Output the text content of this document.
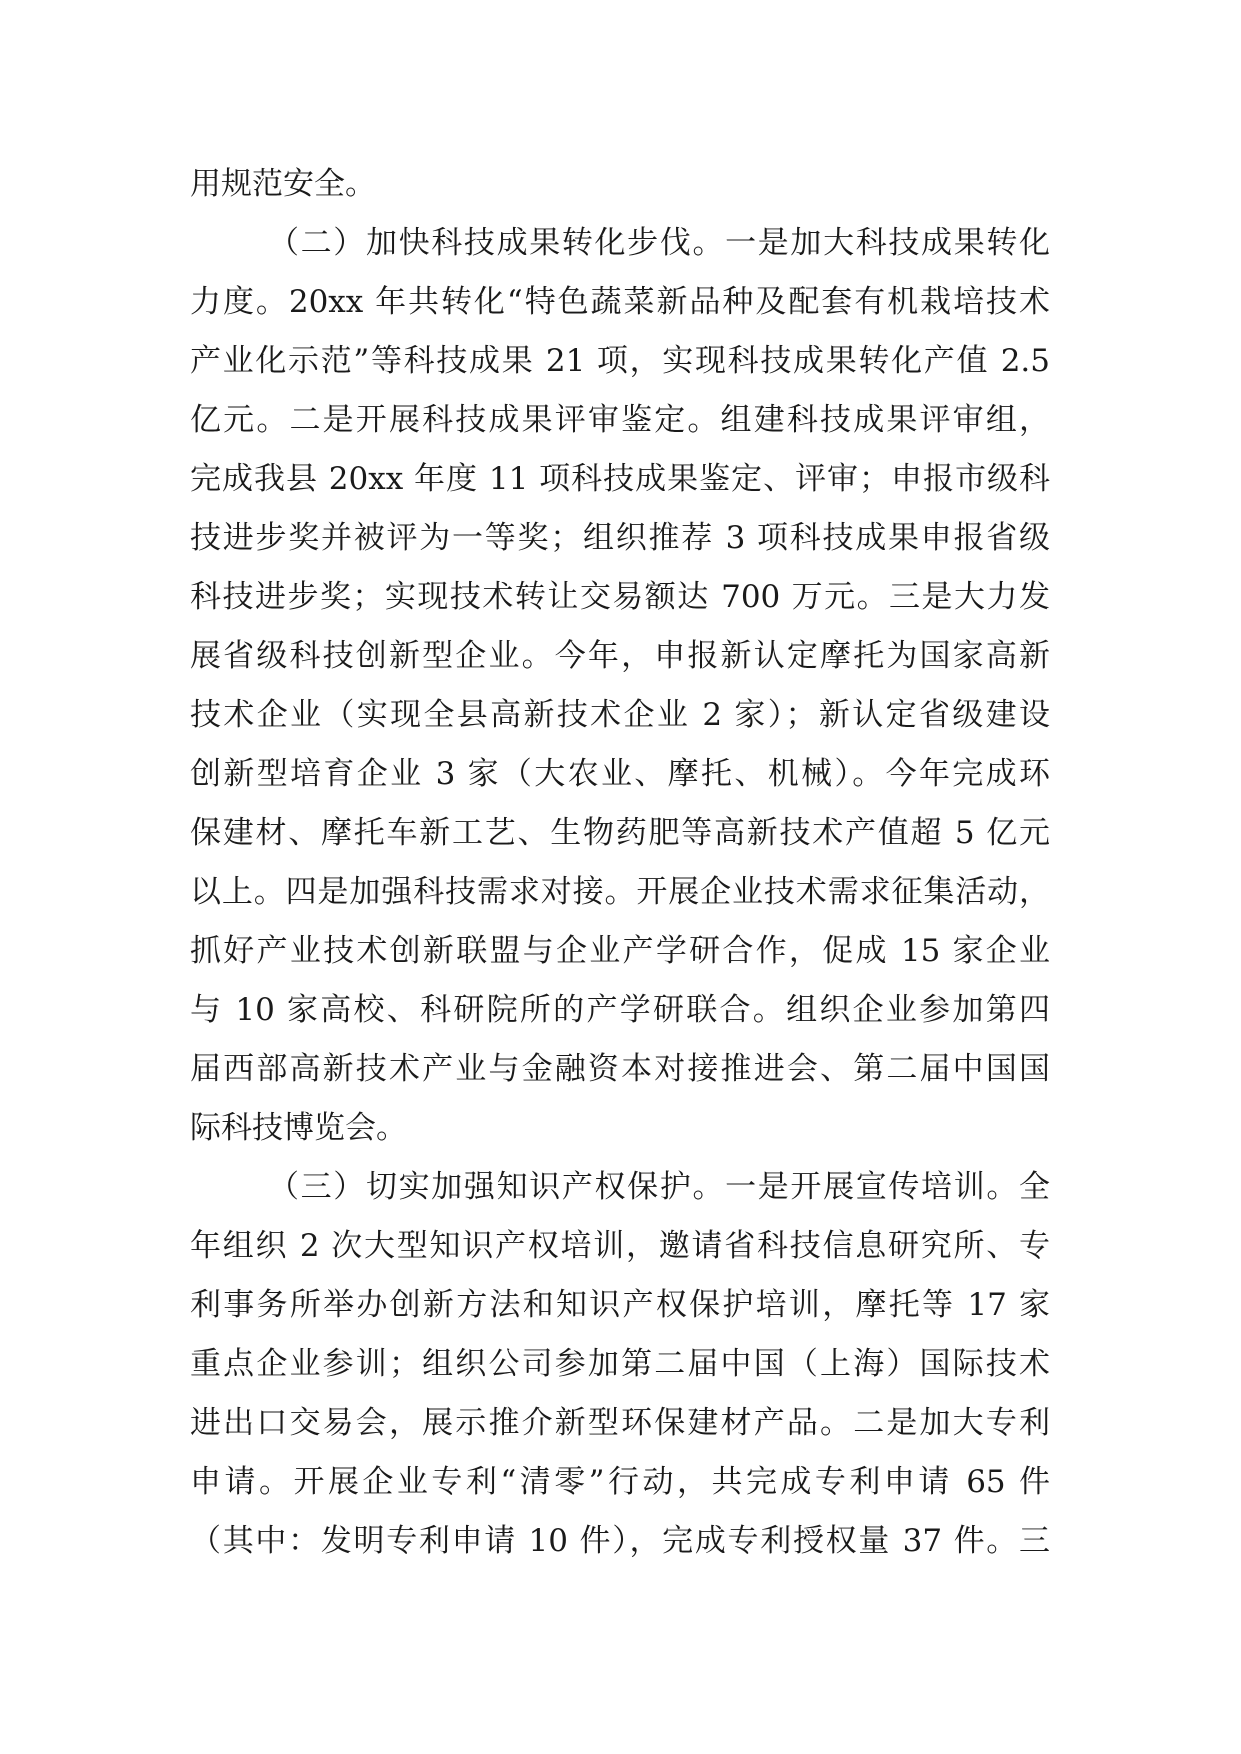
用规范安全。
（二）加快科技成果转化步伐。一是加大科技成果转化
力度。20xx 年共转化“特色蔬菜新品种及配套有机栽培技术
产业化示范”等科技成果 21 项，实现科技成果转化产值 2.5
亿元。二是开展科技成果评审鉴定。组建科技成果评审组，
完成我县 20xx 年度 11 项科技成果鉴定、评审；申报市级科
技进步奖并被评为一等奖；组织推荐 3 项科技成果申报省级
科技进步奖；实现技术转让交易额达 700 万元。三是大力发
展省级科技创新型企业。今年，申报新认定摩托为国家高新
技术企业（实现全县高新技术企业 2 家）；新认定省级建设
创新型培育企业 3 家（大农业、摩托、机械）。今年完成环
保建材、摩托车新工艺、生物药肥等高新技术产值超 5 亿元
以上。四是加强科技需求对接。开展企业技术需求征集活动，
抓好产业技术创新联盟与企业产学研合作，促成 15 家企业
与 10 家高校、科研院所的产学研联合。组织企业参加第四
届西部高新技术产业与金融资本对接推进会、第二届中国国
际科技博览会。
（三）切实加强知识产权保护。一是开展宣传培训。全
年组织 2 次大型知识产权培训，邀请省科技信息研究所、专
利事务所举办创新方法和知识产权保护培训，摩托等 17 家
重点企业参训；组织公司参加第二届中国（上海）国际技术
进出口交易会，展示推介新型环保建材产品。二是加大专利
申请。开展企业专利“清零”行动，共完成专利申请 65 件
（其中：发明专利申请 10 件），完成专利授权量 37 件。三
